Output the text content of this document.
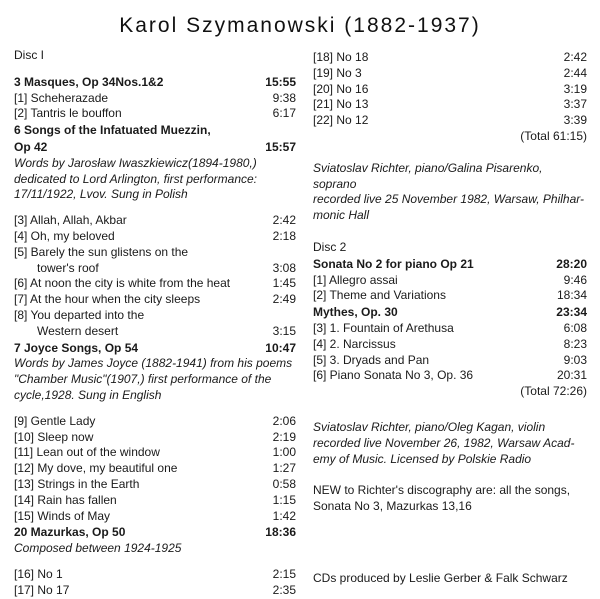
Karol Szymanowski (1882-1937)
Disc I
3 Masques, Op 34Nos.1&2	15:55
[1] Scheherazade	9:38
[2] Tantris le bouffon	6:17
6 Songs of the Infatuated Muezzin,
Op 42	15:57
Words by Jarosław Iwaszkiewicz(1894-1980,)
dedicated to Lord Arlington, first performance:
17/11/1922, Lvov. Sung in Polish
[3] Allah, Allah, Akbar	2:42
[4] Oh, my beloved	2:18
[5] Barely the sun glistens on the
tower's roof	3:08
[6] At noon the city is white from the heat	1:45
[7] At the hour when the city sleeps	2:49
[8] You departed into the
Western desert	3:15
7 Joyce Songs, Op 54	10:47
Words by James Joyce (1882-1941) from his poems
"Chamber Music"(1907,) first performance of the
cycle,1928. Sung in English
[9] Gentle Lady	2:06
[10] Sleep now	2:19
[11] Lean out of the window	1:00
[12] My dove, my beautiful one	1:27
[13] Strings in the Earth	0:58
[14] Rain has fallen	1:15
[15] Winds of May	1:42
20 Mazurkas, Op 50	18:36
Composed between 1924-1925
[16] No 1	2:15
[17] No 17	2:35
[18] No 18	2:42
[19] No 3	2:44
[20] No 16	3:19
[21] No 13	3:37
[22] No 12	3:39
(Total 61:15)
Sviatoslav Richter, piano/Galina Pisarenko, soprano
recorded live 25 November 1982, Warsaw, Philhar-
monic Hall
Disc 2
Sonata No 2 for piano Op 21	28:20
[1] Allegro assai	9:46
[2] Theme and Variations	18:34
Mythes, Op. 30	23:34
[3] 1. Fountain of Arethusa	6:08
[4] 2. Narcissus	8:23
[5] 3. Dryads and Pan	9:03
[6] Piano Sonata No 3, Op. 36	20:31
(Total 72:26)
Sviatoslav Richter, piano/Oleg Kagan, violin
recorded live November 26, 1982, Warsaw Acad-
emy of Music. Licensed by Polskie Radio
NEW to Richter's discography are: all the songs,
Sonata No 3, Mazurkas 13,16
CDs produced by Leslie Gerber & Falk Schwarz
